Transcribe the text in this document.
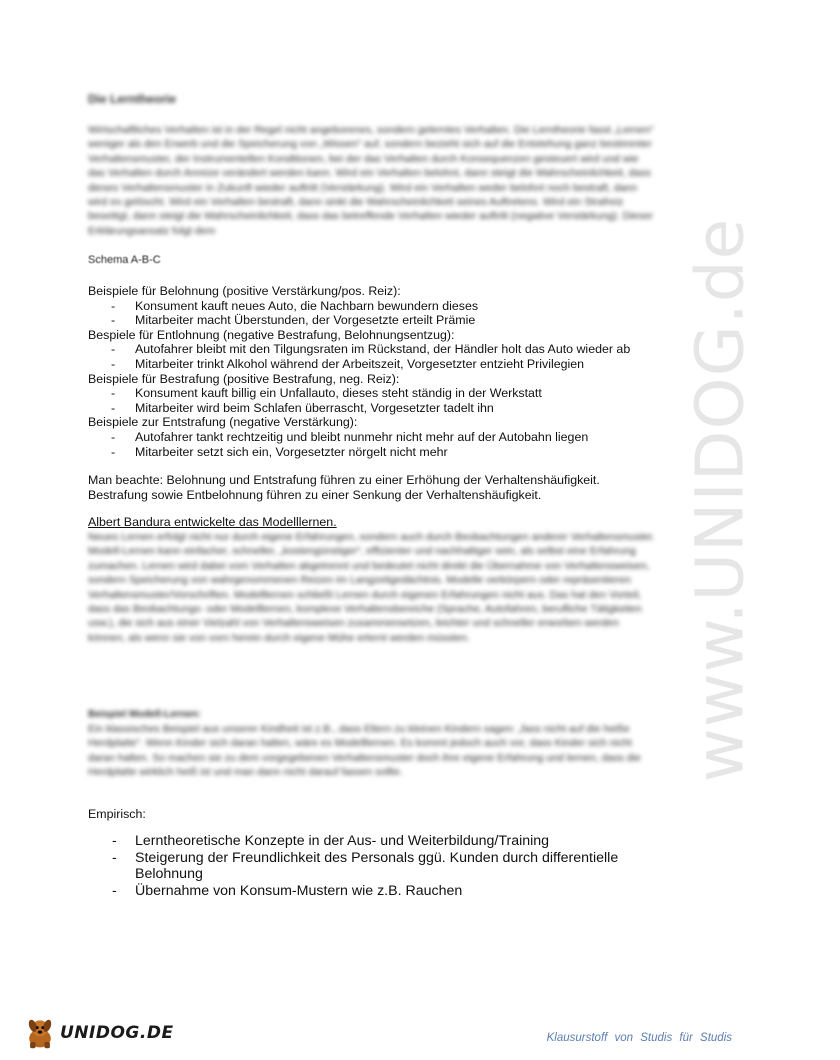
www.UNIDOG.de
Die Lerntheorie
Wirtschaftliches Verhalten ist in der Regel nicht angeborenes, sondern gelerntes Verhalten. Die Lerntheorie fasst „Lernen“ weniger als den Erwerb und die Speicherung von „Wissen“ auf, sondern bezieht sich auf die Entstehung ganz bestimmter Verhaltensmuster, der Instrumentellen Konditionen, bei der das Verhalten durch Konsequenzen gesteuert wird und wie das Verhalten durch Anreize verändert werden kann. Wird ein Verhalten belohnt, dann steigt die Wahrscheinlichkeit, dass dieses Verhaltensmuster in Zukunft wieder auftritt (Verstärkung). Wird ein Verhalten weder belohnt noch bestraft, dann wird es gelöscht. Wird ein Verhalten bestraft, dann sinkt die Wahrscheinlichkeit seines Auftretens. Wird ein Strafreiz beseitigt, dann steigt die Wahrscheinlichkeit, dass das betreffende Verhalten wieder auftritt (negative Verstärkung). Dieser Erklärungsansatz folgt dem
Schema A-B-C

Beispiele für Belohnung (positive Verstärkung/pos. Reiz):

- Konsument kauft neues Auto, die Nachbarn bewundern dieses
- Mitarbeiter macht Überstunden, der Vorgesetzte erteilt Prämie

Bespiele für Entlohnung (negative Bestrafung, Belohnungsentzug):

- Autofahrer bleibt mit den Tilgungsraten im Rückstand, der Händler holt das Auto wieder ab
- Mitarbeiter trinkt Alkohol während der Arbeitszeit, Vorgesetzter entzieht Privilegien

Beispiele für Bestrafung (positive Bestrafung, neg. Reiz):

- Konsument kauft billig ein Unfallauto, dieses steht ständig in der Werkstatt
- Mitarbeiter wird beim Schlafen überrascht, Vorgesetzter tadelt ihn

Beispiele zur Entstrafung (negative Verstärkung):

- Autofahrer tankt rechtzeitig und bleibt nunmehr nicht mehr auf der Autobahn liegen
- Mitarbeiter setzt sich ein, Vorgesetzter nörgelt nicht mehr
Man beachte: Belohnung und Entstrafung führen zu einer Erhöhung der Verhaltenshäufigkeit.
Bestrafung sowie Entbelohnung führen zu einer Senkung der Verhaltenshäufigkeit.
Albert Bandura entwickelte das Modelllernen.
Neues Lernen erfolgt nicht nur durch eigene Erfahrungen, sondern auch durch Beobachtungen anderer Verhaltensmuster. Modell-Lernen kann einfacher, schneller, „kostengünstiger“, effizienter und nachhaltiger sein, als selbst eine Erfahrung zumachen. Lernen wird dabei vom Verhalten abgetrennt und bedeutet nicht direkt die Übernahme von Verhaltensweisen, sondern Speicherung von wahrgenommenen Reizen im Langzeitgedächtnis. Modelle verkörpern oder repräsentieren Verhaltensmuster/Vorschriften. Modelllernen schließt Lernen durch eigenen Erfahrungen nicht aus. Das hat den Vorteil, dass das Beobachtungs- oder Modelllernen, komplexe Verhaltensbereiche (Sprache, Autofahren, berufliche Tätigkeiten usw.), die sich aus einer Vielzahl von Verhaltensweisen zusammensetzen, leichter und schneller erworben werden können, als wenn sie von vorn herein durch eigene Mühe erlernt werden müssten.
Beispiel Modell-Lernen:
Ein klassisches Beispiel aus unserer Kindheit ist z.B., dass Eltern zu kleinen Kindern sagen: „fass nicht auf die heiße Herdplatte“. Wenn Kinder sich daran halten, wäre es Modelllernen. Es kommt jedoch auch vor, dass Kinder sich nicht daran halten. So machen sie zu dem vorgegebenen Verhaltensmuster doch ihre eigene Erfahrung und lernen, dass die Herdplatte wirklich heiß ist und man dann nicht darauf fassen sollte.
Empirisch:
- Lerntheoretische Konzepte in der Aus- und Weiterbildung/Training
- Steigerung der Freundlichkeit des Personals ggü. Kunden durch differentielle Belohnung
- Übernahme von Konsum-Mustern wie z.B. Rauchen
UNIDOG.DE	Klausurstoff von Studis für Studis
